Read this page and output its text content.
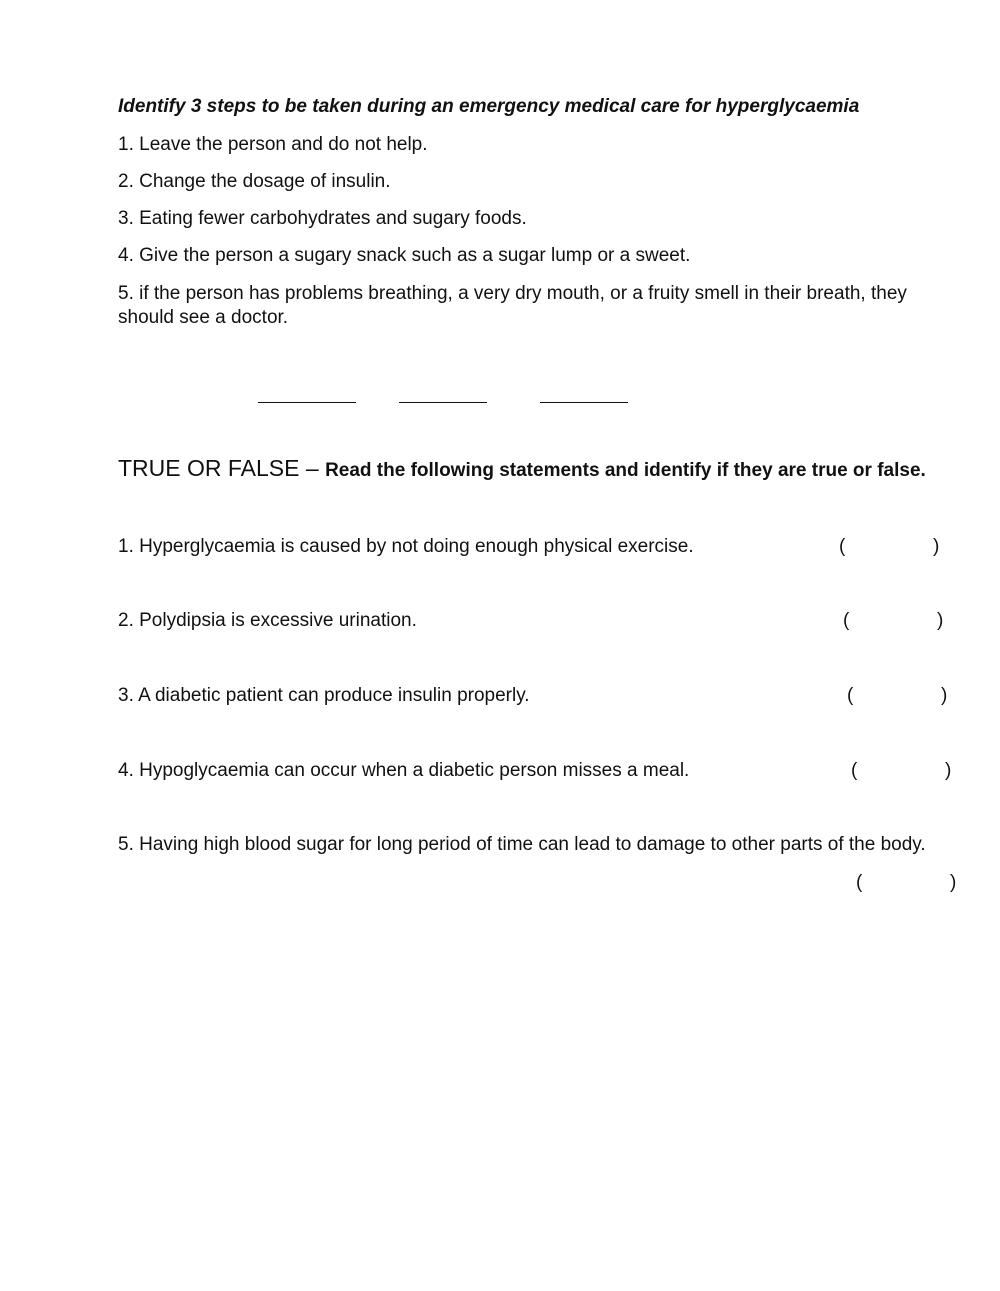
Identify 3 steps to be taken during an emergency medical care for hyperglycaemia
1. Leave the person and do not help.
2. Change the dosage of insulin.
3. Eating fewer carbohydrates and sugary foods.
4. Give the person a sugary snack such as a sugar lump or a sweet.
5. if the person has problems breathing, a very dry mouth, or a fruity smell in their breath, they should see a doctor.
TRUE OR FALSE – Read the following statements and identify if they are true or false.
1. Hyperglycaemia is caused by not doing enough physical exercise.	(	)
2. Polydipsia is excessive urination.	(	)
3. A diabetic patient can produce insulin properly.	(	)
4. Hypoglycaemia can occur when a diabetic person misses a meal.	(	)
5. Having high blood sugar for long period of time can lead to damage to other parts of the body.
(	)
